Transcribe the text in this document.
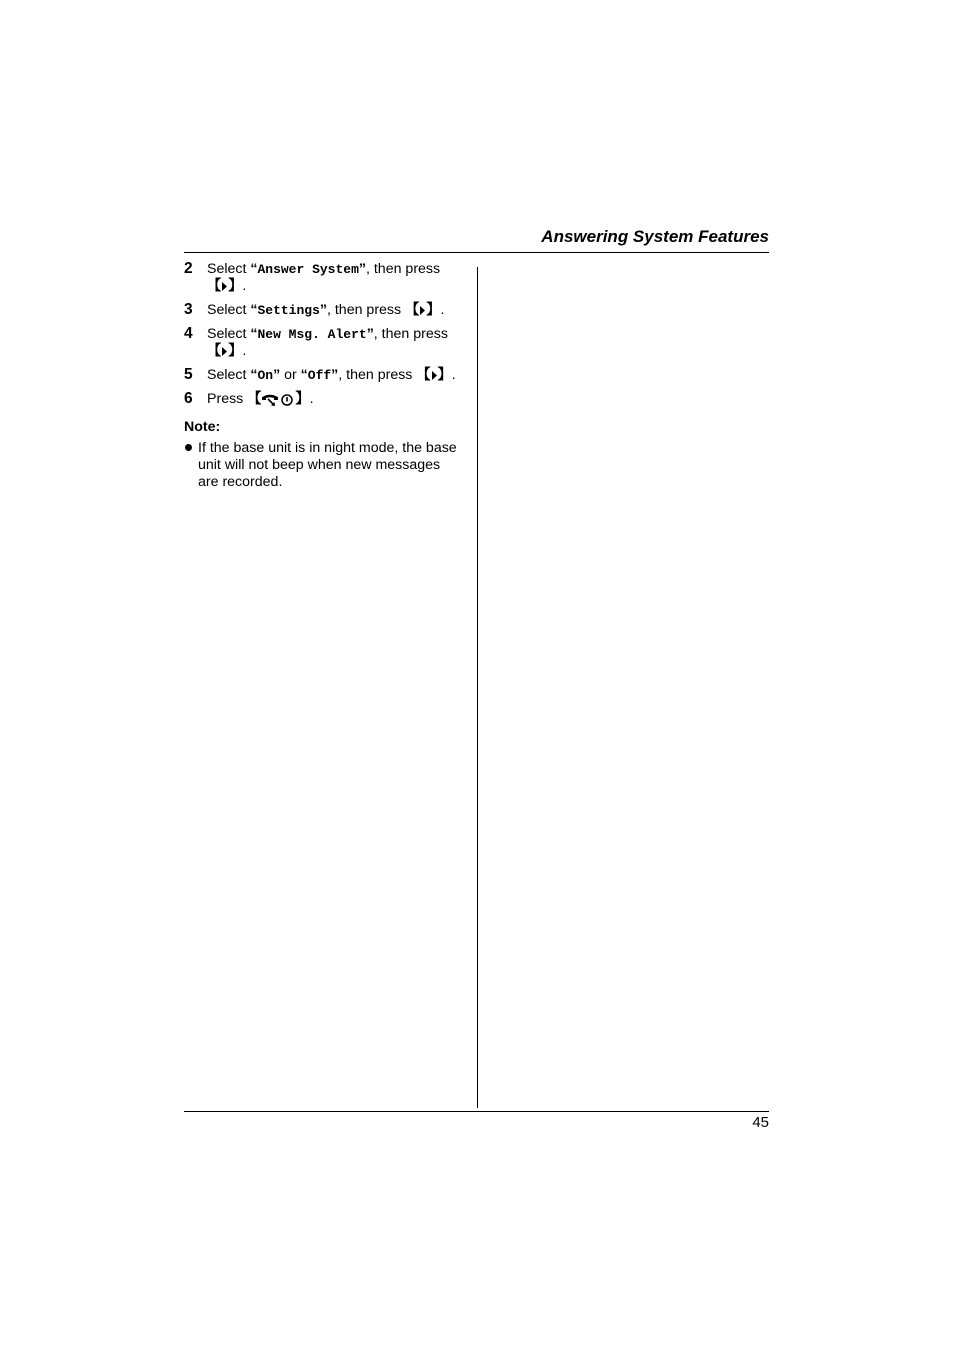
Answering System Features
2 Select “Answer System”, then press

【 】 .
3 Select “Settings”, then press 【 】 .
4 Select “New Msg. Alert”, then press

【 】 .
5 Select “On” or “Off”, then press 【 】 .
6 Press 【 】 .
Note:
If the base unit is in night mode, the base unit will not beep when new messages are recorded.
45
